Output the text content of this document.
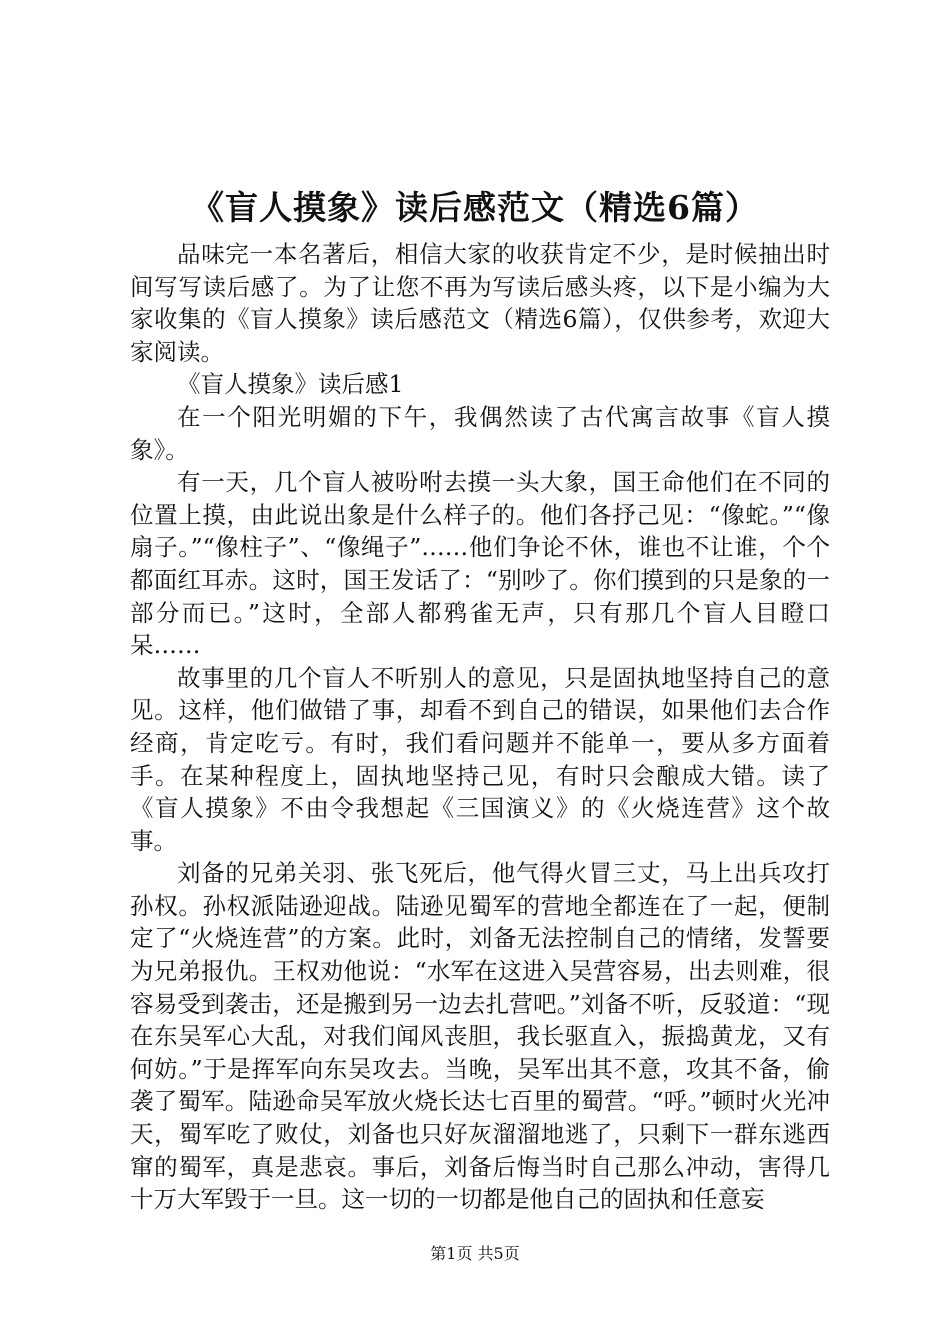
《盲人摸象》读后感范文（精选6篇）

品味完一本名著后，相信大家的收获肯定不少，是时候抽出时间写写读后感了。为了让您不再为写读后感头疼，以下是小编为大家收集的《盲人摸象》读后感范文（精选6篇），仅供参考，欢迎大家阅读。

《盲人摸象》读后感1

在一个阳光明媚的下午，我偶然读了古代寓言故事《盲人摸象》。

有一天，几个盲人被吩咐去摸一头大象，国王命他们在不同的位置上摸，由此说出象是什么样子的。他们各抒己见：“像蛇。”“像扇子。”“像柱子”、“像绳子”……他们争论不休，谁也不让谁，个个都面红耳赤。这时，国王发话了：“别吵了。你们摸到的只是象的一部分而已。”这时，全部人都鸦雀无声，只有那几个盲人目瞪口呆……

故事里的几个盲人不听别人的意见，只是固执地坚持自己的意见。这样，他们做错了事，却看不到自己的错误，如果他们去合作经商，肯定吃亏。有时，我们看问题并不能单一，要从多方面着手。在某种程度上，固执地坚持己见，有时只会酿成大错。读了《盲人摸象》不由令我想起《三国演义》的《火烧连营》这个故事。

刘备的兄弟关羽、张飞死后，他气得火冒三丈，马上出兵攻打孙权。孙权派陆逊迎战。陆逊见蜀军的营地全都连在了一起，便制定了“火烧连营”的方案。此时，刘备无法控制自己的情绪，发誓要为兄弟报仇。王权劝他说：“水军在这进入吴营容易，出去则难，很容易受到袭击，还是搬到另一边去扎营吧。”刘备不听，反驳道：“现在东吴军心大乱，对我们闻风丧胆，我长驱直入，振捣黄龙，又有何妨。”于是挥军向东吴攻去。当晚，吴军出其不意，攻其不备，偷袭了蜀军。陆逊命吴军放火烧长达七百里的蜀营。“呼。”顿时火光冲天，蜀军吃了败仗，刘备也只好灰溜溜地逃了，只剩下一群东逃西窜的蜀军，真是悲哀。事后，刘备后悔当时自己那么冲动，害得几十万大军毁于一旦。这一切的一切都是他自己的固执和任意妄

第1页 共5页
